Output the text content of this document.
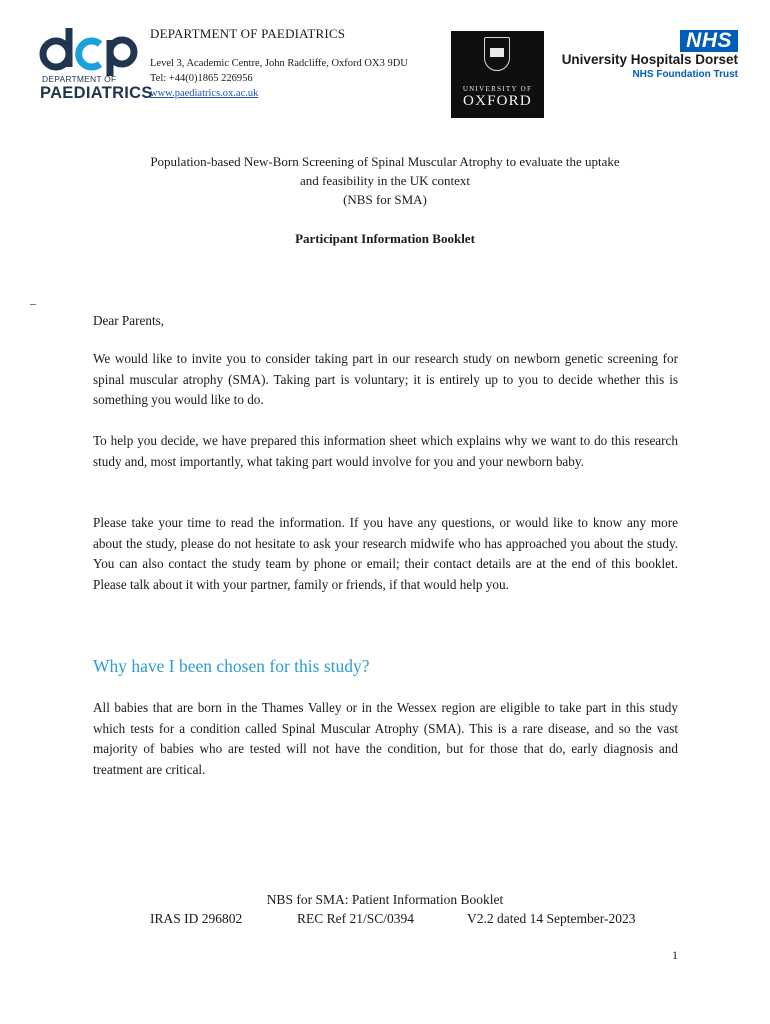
DEPARTMENT OF
PAEDIATRICS
DEPARTMENT OF PAEDIATRICS
Level 3, Academic Centre, John Radcliffe, Oxford OX3 9DU
Tel: +44(0)1865 226956
www.paediatrics.ox.ac.uk	UNIVERSITY OF
OXFORD
NHS
University Hospitals Dorset
NHS Foundation Trust
Population-based New-Born Screening of Spinal Muscular Atrophy to evaluate the uptake
and feasibility in the UK context
(NBS for SMA)
Participant Information Booklet
–
Dear Parents,
We would like to invite you to consider taking part in our research study on newborn genetic screening for spinal muscular atrophy (SMA). Taking part is voluntary; it is entirely up to you to decide whether this is something you would like to do.
To help you decide, we have prepared this information sheet which explains why we want to do this research study and, most importantly, what taking part would involve for you and your newborn baby.
Please take your time to read the information. If you have any questions, or would like to know any more about the study, please do not hesitate to ask your research midwife who has approached you about the study. You can also contact the study team by phone or email; their contact details are at the end of this booklet. Please talk about it with your partner, family or friends, if that would help you.
Why have I been chosen for this study?
All babies that are born in the Thames Valley or in the Wessex region are eligible to take part in this study which tests for a condition called Spinal Muscular Atrophy (SMA). This is a rare disease, and so the vast majority of babies who are tested will not have the condition, but for those that do, early diagnosis and treatment are critical.
NBS for SMA: Patient Information Booklet
IRAS ID 296802	REC Ref 21/SC/0394	V2.2 dated 14 September-2023
1
